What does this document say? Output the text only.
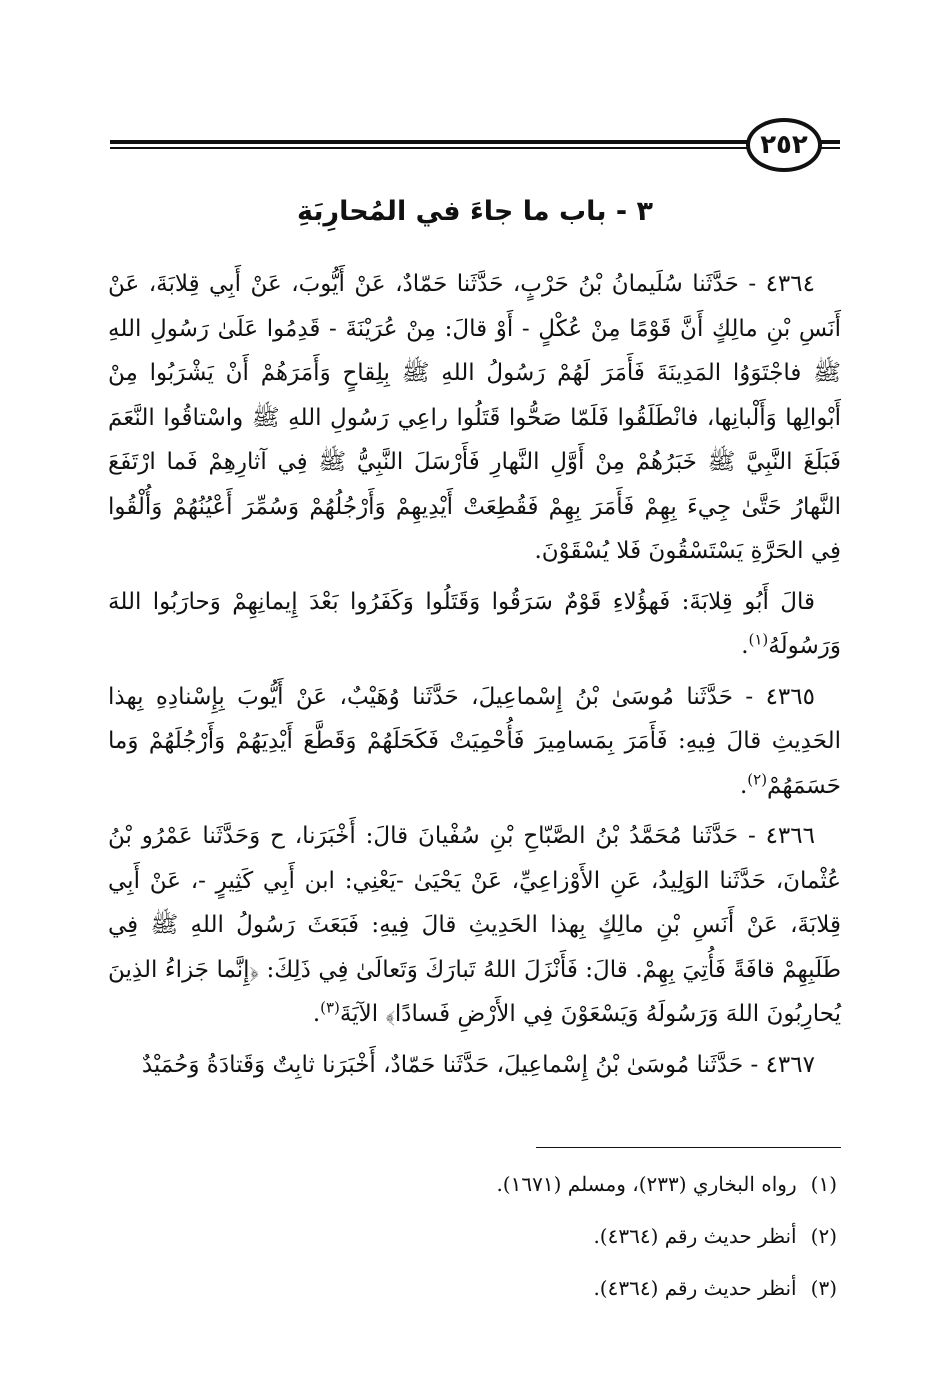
٢٥٢
٣ - باب ما جاءَ في المُحارِبَةِ

٤٣٦٤ - حَدَّثَنا سُلَيمانُ بْنُ حَرْبٍ، حَدَّثَنا حَمّادٌ، عَنْ أَيُّوبَ، عَنْ أَبِي قِلابَةَ، عَنْ أَنَسِ بْنِ مالِكٍ أَنَّ قَوْمًا مِنْ عُكْلٍ - أَوْ قالَ: مِنْ عُرَيْنَةَ - قَدِمُوا عَلَىٰ رَسُولِ اللهِ ﷺ فاجْتَوَوُا المَدِينَةَ فَأَمَرَ لَهُمْ رَسُولُ اللهِ ﷺ بِلِقاحٍ وَأَمَرَهُمْ أَنْ يَشْرَبُوا مِنْ أَبْوالِها وَأَلْبانِها، فانْطَلَقُوا فَلَمّا صَحُّوا قَتَلُوا راعِي رَسُولِ اللهِ ﷺ واسْتاقُوا النَّعَمَ فَبَلَغَ النَّبِيَّ ﷺ خَبَرُهُمْ مِنْ أَوَّلِ النَّهارِ فَأَرْسَلَ النَّبِيُّ ﷺ فِي آثارِهِمْ فَما ارْتَفَعَ النَّهارُ حَتَّىٰ جِيءَ بِهِمْ فَأَمَرَ بِهِمْ فَقُطِعَتْ أَيْدِيهِمْ وَأَرْجُلُهُمْ وَسُمِّرَ أَعْيُنُهُمْ وَأُلْقُوا فِي الحَرَّةِ يَسْتَسْقُونَ فَلا يُسْقَوْنَ.

قالَ أَبُو قِلابَةَ: فَهؤُلاءِ قَوْمٌ سَرَقُوا وَقَتَلُوا وَكَفَرُوا بَعْدَ إِيمانِهِمْ وَحارَبُوا اللهَ وَرَسُولَهُ$^{(١)}$.

٤٣٦٥ - حَدَّثَنا مُوسَىٰ بْنُ إِسْماعِيلَ، حَدَّثَنا وُهَيْبٌ، عَنْ أَيُّوبَ بِإِسْنادِهِ بِهذا الحَدِيثِ قالَ فِيهِ: فَأَمَرَ بِمَسامِيرَ فَأُحْمِيَتْ فَكَحَلَهُمْ وَقَطَّعَ أَيْدِيَهُمْ وَأَرْجُلَهُمْ وَما حَسَمَهُمْ$^{(٢)}$.

٤٣٦٦ - حَدَّثَنا مُحَمَّدُ بْنُ الصَّبّاحِ بْنِ سُفْيانَ قالَ: أَخْبَرَنا، ح وَحَدَّثَنا عَمْرُو بْنُ عُثْمانَ، حَدَّثَنا الوَلِيدُ، عَنِ الأَوْزاعِيِّ، عَنْ يَحْيَىٰ -يَعْنِي: ابن أَبِي كَثِيرٍ -، عَنْ أَبِي قِلابَةَ، عَنْ أَنَسِ بْنِ مالِكٍ بِهذا الحَدِيثِ قالَ فِيهِ: فَبَعَثَ رَسُولُ اللهِ ﷺ فِي طَلَبِهِمْ قافَةً فَأُتِيَ بِهِمْ. قالَ: فَأَنْزَلَ اللهُ تَبارَكَ وَتَعالَىٰ فِي ذَلِكَ: ﴿إِنَّما جَزاءُ الذِينَ يُحارِبُونَ اللهَ وَرَسُولَهُ وَيَسْعَوْنَ فِي الأَرْضِ فَسادًا﴾ الآيَةَ$^{(٣)}$.

٤٣٦٧ - حَدَّثَنا مُوسَىٰ بْنُ إِسْماعِيلَ، حَدَّثَنا حَمّادٌ، أَخْبَرَنا ثابِتٌ وَقَتادَةُ وَحُمَيْدٌ

(١)رواه البخاري (٢٣٣)، ومسلم (١٦٧١).
(٢)أنظر حديث رقم (٤٣٦٤).
(٣)أنظر حديث رقم (٤٣٦٤).
